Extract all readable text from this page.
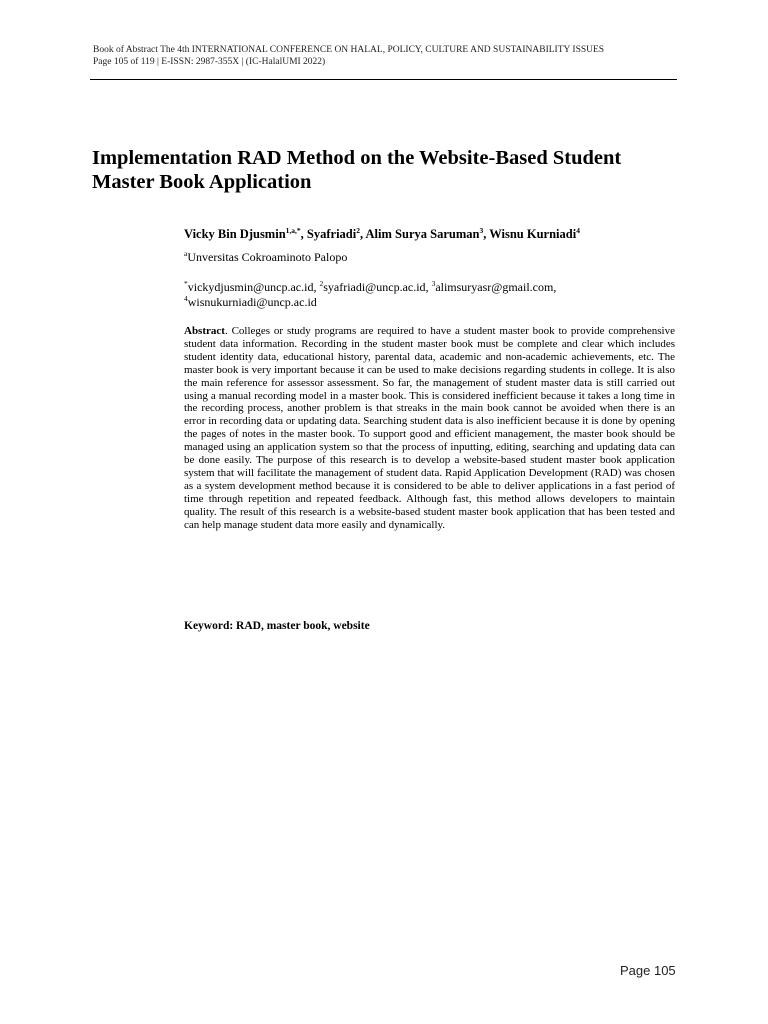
Book of Abstract The 4th INTERNATIONAL CONFERENCE ON HALAL, POLICY, CULTURE AND SUSTAINABILITY ISSUES
Page 105 of 119 | E-ISSN: 2987-355X | (IC-HalalUMI 2022)
Implementation RAD Method on the Website-Based Student
Master Book Application
Vicky Bin Djusmin$^{1,a,*}$, Syafriadi$^2$, Alim Surya Saruman$^3$, Wisnu Kurniadi$^4$
$^a$Unversitas Cokroaminoto Palopo
*vickydjusmin@uncp.ac.id, $^2$syafriadi@uncp.ac.id, $^3$alimsuryasr@gmail.com,
$^4$wisnukurniadi@uncp.ac.id
Abstract. Colleges or study programs are required to have a student master book to provide comprehensive student data information. Recording in the student master book must be complete and clear which includes student identity data, educational history, parental data, academic and non-academic achievements, etc. The master book is very important because it can be used to make decisions regarding students in college. It is also the main reference for assessor assessment. So far, the management of student master data is still carried out using a manual recording model in a master book. This is considered inefficient because it takes a long time in the recording process, another problem is that streaks in the main book cannot be avoided when there is an error in recording data or updating data. Searching student data is also inefficient because it is done by opening the pages of notes in the master book. To support good and efficient management, the master book should be managed using an application system so that the process of inputting, editing, searching and updating data can be done easily. The purpose of this research is to develop a website-based student master book application system that will facilitate the management of student data. Rapid Application Development (RAD) was chosen as a system development method because it is considered to be able to deliver applications in a fast period of time through repetition and repeated feedback. Although fast, this method allows developers to maintain quality. The result of this research is a website-based student master book application that has been tested and can help manage student data more easily and dynamically.
Keyword: RAD, master book, website
Page 105
